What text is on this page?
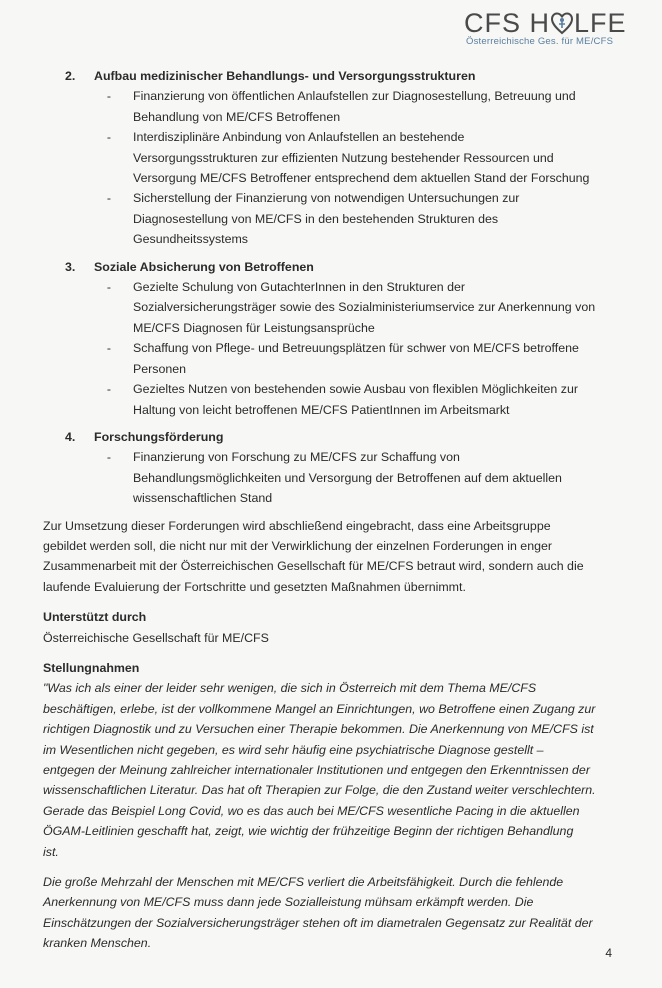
CFS H LFE
Österreichische Ges. für ME/CFS
2.	Aufbau medizinischer Behandlungs- und Versorgungsstrukturen
-	Finanzierung von öffentlichen Anlaufstellen zur Diagnosestellung, Betreuung und
Behandlung von ME/CFS Betroffenen
-	Interdisziplinäre Anbindung von Anlaufstellen an bestehende
Versorgungsstrukturen zur effizienten Nutzung bestehender Ressourcen und
Versorgung ME/CFS Betroffener entsprechend dem aktuellen Stand der Forschung
-	Sicherstellung der Finanzierung von notwendigen Untersuchungen zur
Diagnosestellung von ME/CFS in den bestehenden Strukturen des
Gesundheitssystems
3.	Soziale Absicherung von Betroffenen
-	Gezielte Schulung von GutachterInnen in den Strukturen der
Sozialversicherungsträger sowie des Sozialministeriumservice zur Anerkennung von
ME/CFS Diagnosen für Leistungsansprüche
-	Schaffung von Pflege- und Betreuungsplätzen für schwer von ME/CFS betroffene
Personen
-	Gezieltes Nutzen von bestehenden sowie Ausbau von flexiblen Möglichkeiten zur
Haltung von leicht betroffenen ME/CFS PatientInnen im Arbeitsmarkt
4.	Forschungsförderung
-	Finanzierung von Forschung zu ME/CFS zur Schaffung von
Behandlungsmöglichkeiten und Versorgung der Betroffenen auf dem aktuellen
wissenschaftlichen Stand
Zur Umsetzung dieser Forderungen wird abschließend eingebracht, dass eine Arbeitsgruppe
gebildet werden soll, die nicht nur mit der Verwirklichung der einzelnen Forderungen in enger
Zusammenarbeit mit der Österreichischen Gesellschaft für ME/CFS betraut wird, sondern auch die
laufende Evaluierung der Fortschritte und gesetzten Maßnahmen übernimmt.
Unterstützt durch
Österreichische Gesellschaft für ME/CFS
Stellungnahmen
"Was ich als einer der leider sehr wenigen, die sich in Österreich mit dem Thema ME/CFS
beschäftigen, erlebe, ist der vollkommene Mangel an Einrichtungen, wo Betroffene einen Zugang zur
richtigen Diagnostik und zu Versuchen einer Therapie bekommen. Die Anerkennung von ME/CFS ist
im Wesentlichen nicht gegeben, es wird sehr häufig eine psychiatrische Diagnose gestellt –
entgegen der Meinung zahlreicher internationaler Institutionen und entgegen den Erkenntnissen der
wissenschaftlichen Literatur. Das hat oft Therapien zur Folge, die den Zustand weiter verschlechtern.
Gerade das Beispiel Long Covid, wo es das auch bei ME/CFS wesentliche Pacing in die aktuellen
ÖGAM-Leitlinien geschafft hat, zeigt, wie wichtig der frühzeitige Beginn der richtigen Behandlung
ist.
Die große Mehrzahl der Menschen mit ME/CFS verliert die Arbeitsfähigkeit. Durch die fehlende
Anerkennung von ME/CFS muss dann jede Sozialleistung mühsam erkämpft werden. Die
Einschätzungen der Sozialversicherungsträger stehen oft im diametralen Gegensatz zur Realität der
kranken Menschen.
4
